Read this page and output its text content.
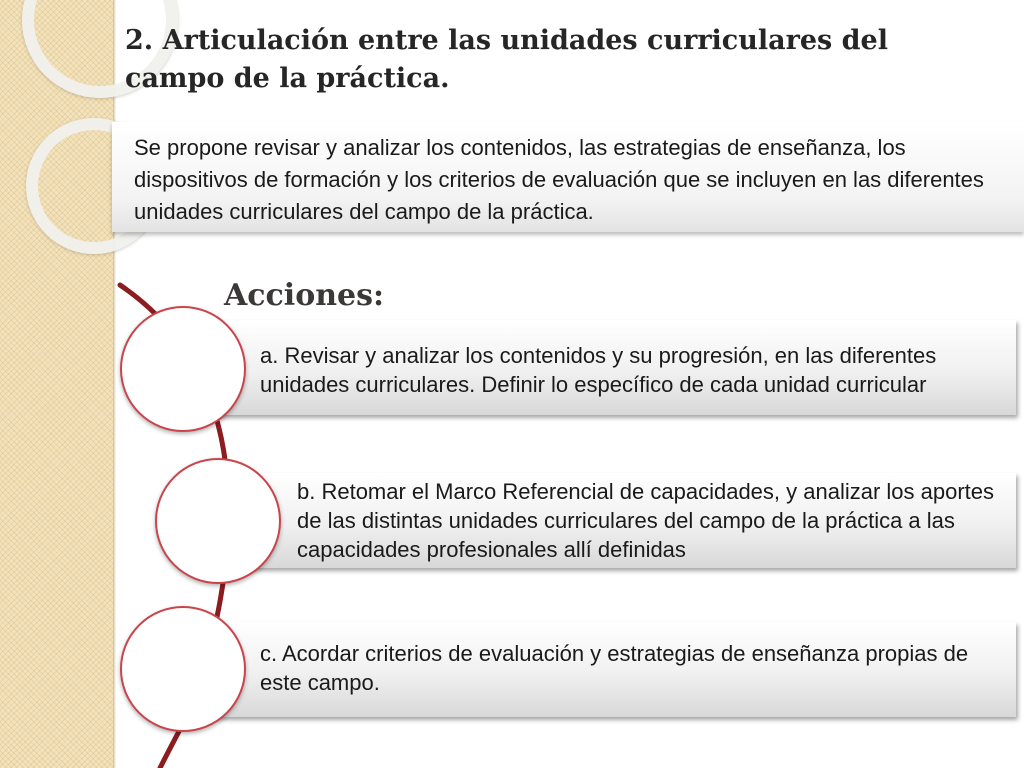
2. Articulación entre las unidades curriculares del campo de la práctica.
Se propone revisar y analizar los contenidos, las estrategias de enseñanza, los dispositivos de formación y los criterios de evaluación que se incluyen en las diferentes unidades curriculares del campo de la práctica.
Acciones:
a. Revisar y analizar los contenidos y su progresión, en las diferentes unidades curriculares. Definir lo específico de cada unidad curricular
b. Retomar el Marco Referencial de capacidades, y analizar los aportes de las distintas unidades curriculares del campo de la práctica a las capacidades profesionales allí definidas
c. Acordar criterios de evaluación y estrategias de enseñanza propias de este campo.
